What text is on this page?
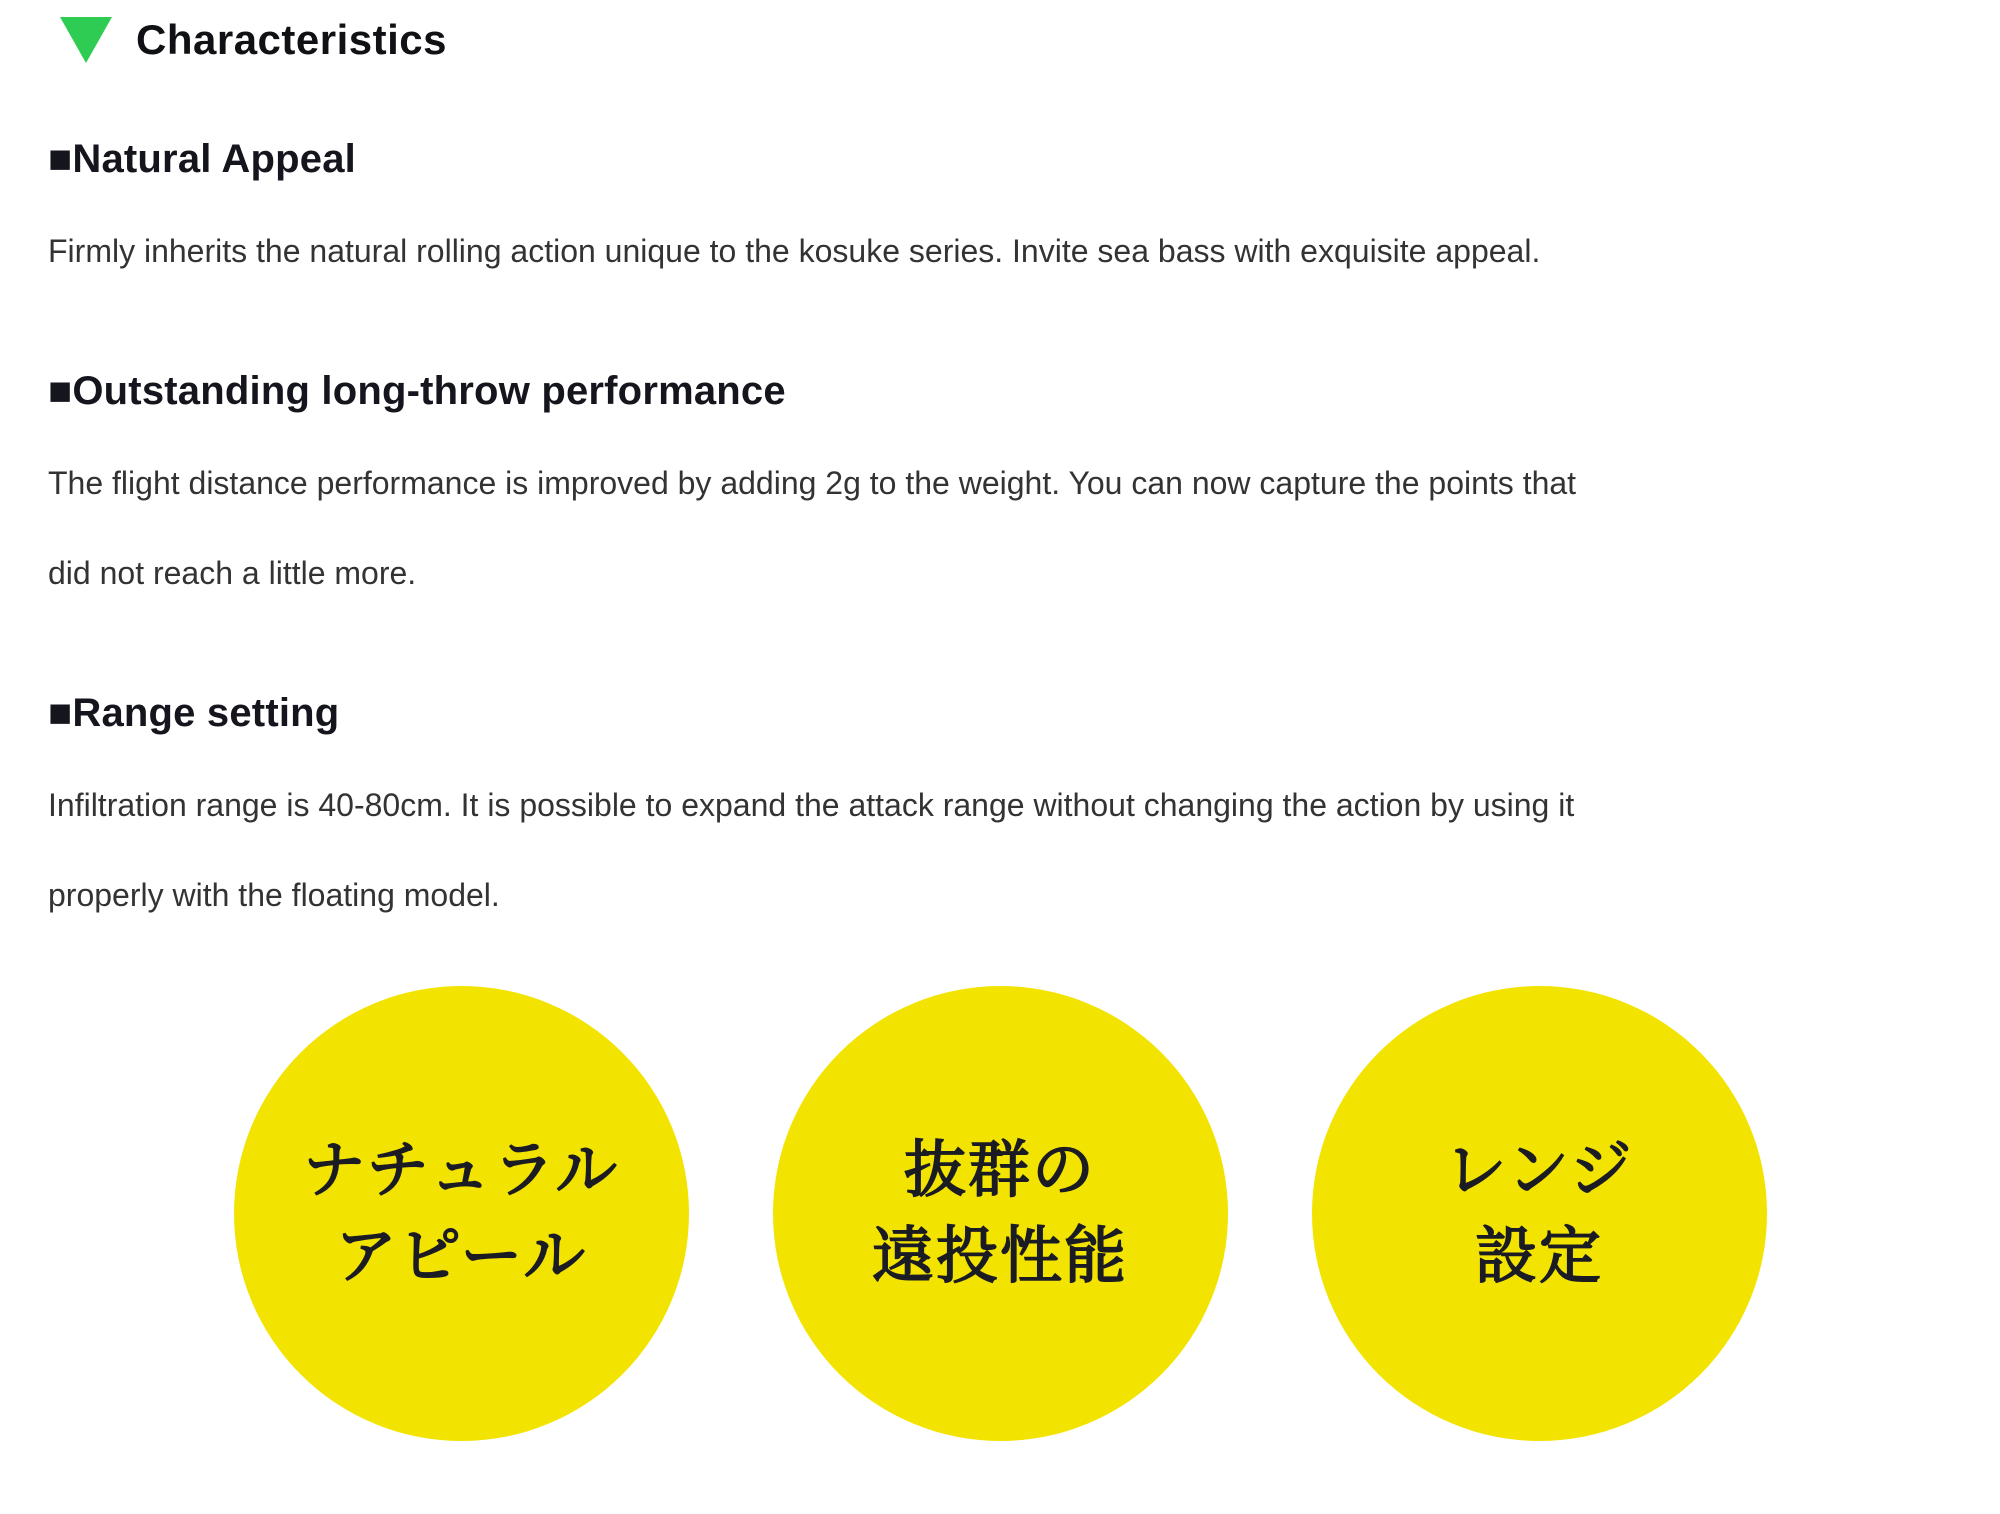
Characteristics
■Natural Appeal

Firmly inherits the natural rolling action unique to the kosuke series. Invite sea bass with exquisite appeal.

■Outstanding long-throw performance

The flight distance performance is improved by adding 2g to the weight. You can now capture the points that
did not reach a little more.

■Range setting

Infiltration range is 40-80cm. It is possible to expand the attack range without changing the action by using it
properly with the floating model.

ナチュラル
アピール
抜群の
遠投性能
レンジ
設定
